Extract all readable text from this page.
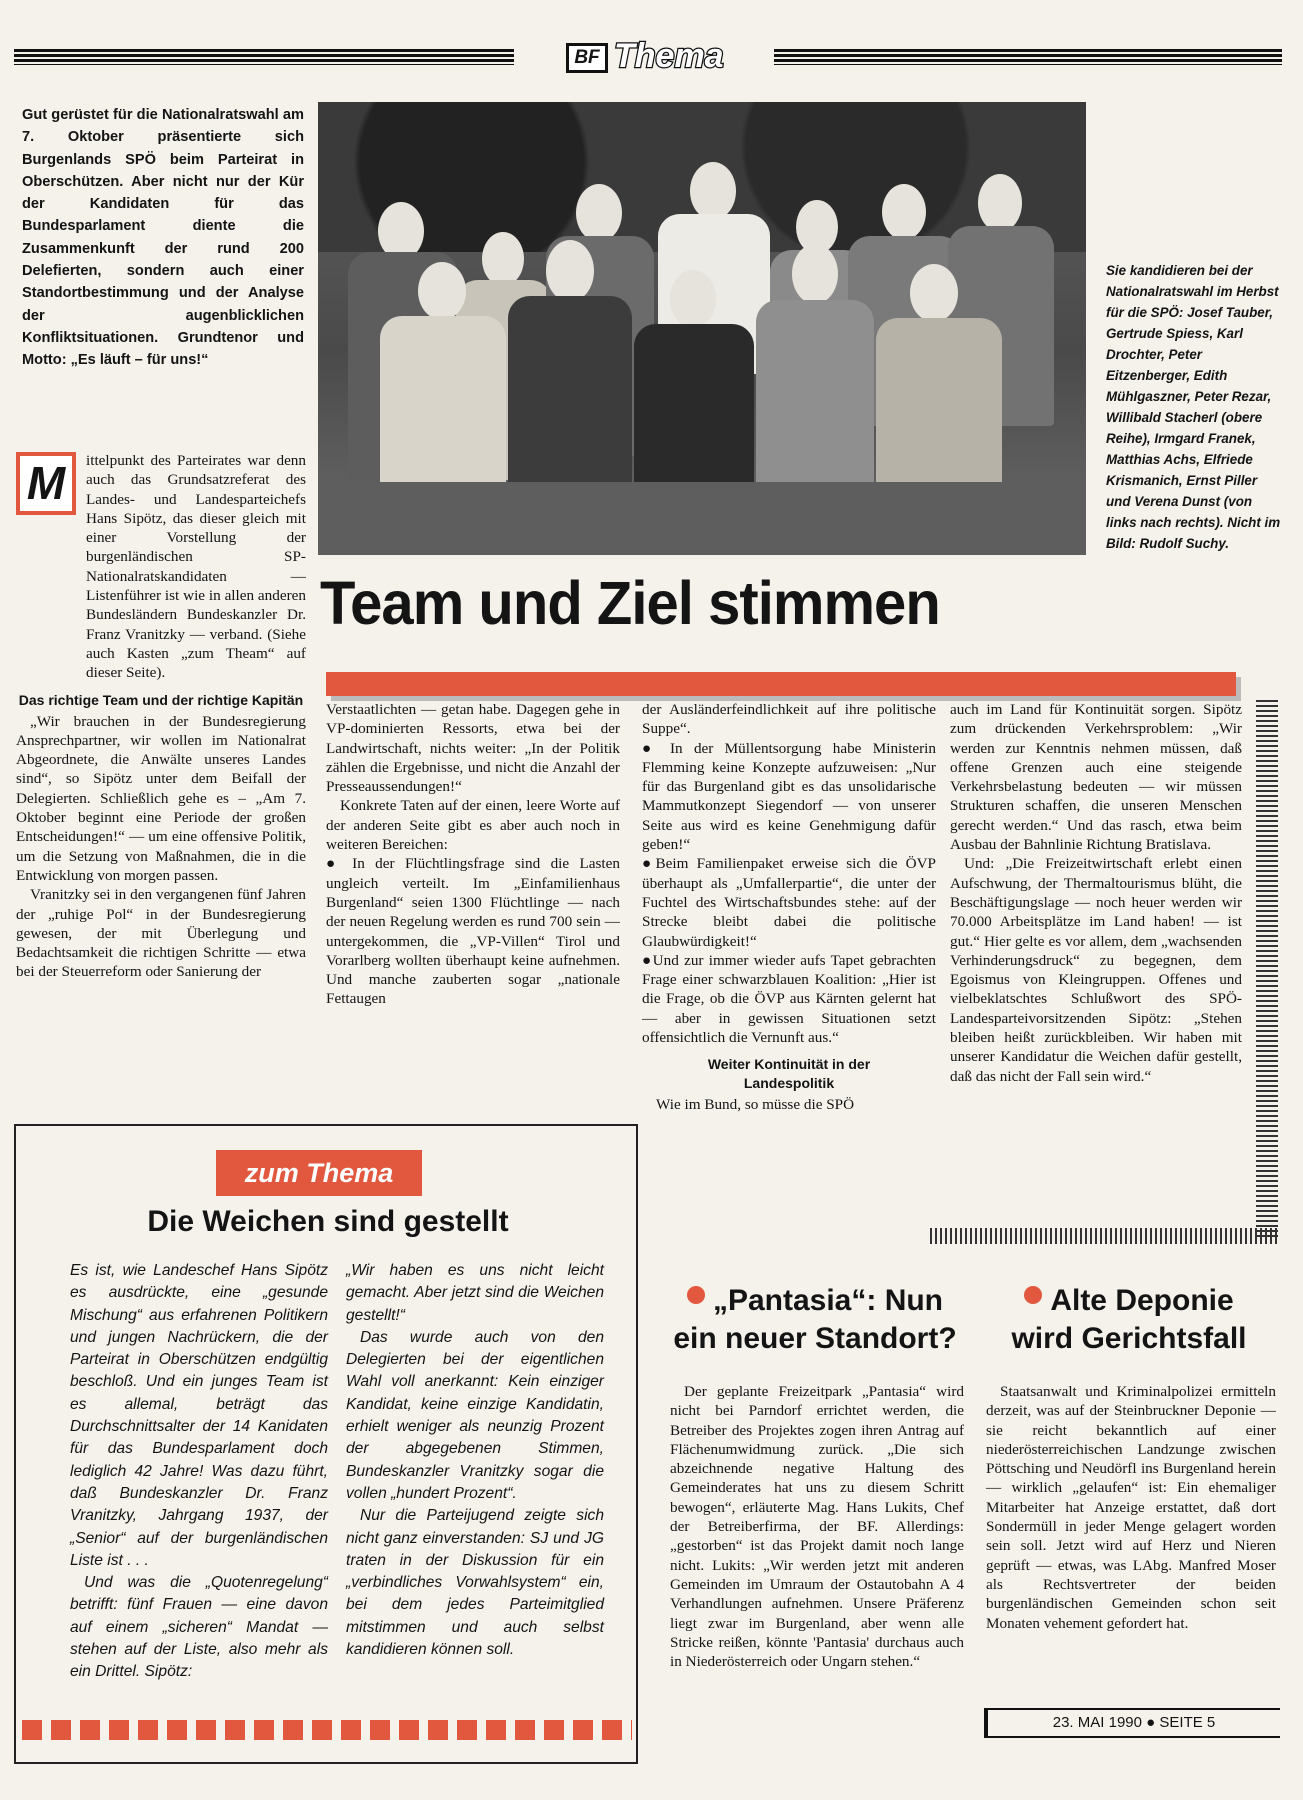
BF Thema
Gut gerüstet für die Nationalratswahl am 7. Oktober präsentierte sich Burgenlands SPÖ beim Parteirat in Oberschützen. Aber nicht nur der Kür der Kandidaten für das Bundesparlament diente die Zusammenkunft der rund 200 Delefierten, sondern auch einer Standortbestimmung und der Analyse der augenblicklichen Konfliktsituationen. Grundtenor und Motto: „Es läuft – für uns!“
Sie kandidieren bei der Nationalratswahl im Herbst für die SPÖ: Josef Tauber, Gertrude Spiess, Karl Drochter, Peter Eitzenberger, Edith Mühlgaszner, Peter Rezar, Willibald Stacherl (obere Reihe), Irmgard Franek, Matthias Achs, Elfriede Krismanich, Ernst Piller und Verena Dunst (von links nach rechts). Nicht im Bild: Rudolf Suchy.
Team und Ziel stimmen
M	ittelpunkt des Parteirates war denn auch das Grundsatzreferat des Landes- und Landesparteichefs Hans Sipötz, das dieser gleich mit einer Vorstellung der burgenländischen SP-Nationalratskandidaten — Listenführer ist wie in allen anderen Bundesländern Bundeskanzler Dr. Franz Vranitzky — verband. (Siehe auch Kasten „zum Theam“ auf dieser Seite).

Das richtige Team und der richtige Kapitän

„Wir brauchen in der Bundesregierung Ansprechpartner, wir wollen im Nationalrat Abgeordnete, die Anwälte unseres Landes sind“, so Sipötz unter dem Beifall der Delegierten. Schließlich gehe es – „Am 7. Oktober beginnt eine Periode der großen Entscheidungen!“ — um eine offensive Politik, um die Setzung von Maßnahmen, die in die Entwicklung von morgen passen.

Vranitzky sei in den vergangenen fünf Jahren der „ruhige Pol“ in der Bundesregierung gewesen, der mit Überlegung und Bedachtsamkeit die richtigen Schritte — etwa bei der Steuerreform oder Sanierung der

Verstaatlichten — getan habe. Dagegen gehe in VP-dominierten Ressorts, etwa bei der Landwirtschaft, nichts weiter: „In der Politik zählen die Ergebnisse, und nicht die Anzahl der Presseaussendungen!“

Konkrete Taten auf der einen, leere Worte auf der anderen Seite gibt es aber auch noch in weiteren Bereichen:

● In der Flüchtlingsfrage sind die Lasten ungleich verteilt. Im „Einfamilienhaus Burgenland“ seien 1300 Flüchtlinge — nach der neuen Regelung werden es rund 700 sein — untergekommen, die „VP-Villen“ Tirol und Vorarlberg wollten überhaupt keine aufnehmen. Und manche zauberten sogar „nationale Fettaugen

der Ausländerfeindlichkeit auf ihre politische Suppe“.

● In der Müllentsorgung habe Ministerin Flemming keine Konzepte aufzuweisen: „Nur für das Burgenland gibt es das unsolidarische Mammutkonzept Siegendorf — von unserer Seite aus wird es keine Genehmigung dafür geben!“

●Beim Familienpaket erweise sich die ÖVP überhaupt als „Umfallerpartie“, die unter der Fuchtel des Wirtschaftsbundes stehe: auf der Strecke bleibt dabei die politische Glaubwürdigkeit!“

●Und zur immer wieder aufs Tapet gebrachten Frage einer schwarzblauen Koalition: „Hier ist die Frage, ob die ÖVP aus Kärnten gelernt hat — aber in gewissen Situationen setzt offensichtlich die Vernunft aus.“

Weiter Kontinuität in der Landespolitik

Wie im Bund, so müsse die SPÖ

auch im Land für Kontinuität sorgen. Sipötz zum drückenden Verkehrsproblem: „Wir werden zur Kenntnis nehmen müssen, daß offene Grenzen auch eine steigende Verkehrsbelastung bedeuten — wir müssen Strukturen schaffen, die unseren Menschen gerecht werden.“ Und das rasch, etwa beim Ausbau der Bahnlinie Richtung Bratislava.

Und: „Die Freizeitwirtschaft erlebt einen Aufschwung, der Thermaltourismus blüht, die Beschäftigungslage — noch heuer werden wir 70.000 Arbeitsplätze im Land haben! — ist gut.“ Hier gelte es vor allem, dem „wachsenden Verhinderungsdruck“ zu begegnen, dem Egoismus von Kleingruppen. Offenes und vielbeklatschtes Schlußwort des SPÖ-Landesparteivorsitzenden Sipötz: „Stehen bleiben heißt zurückbleiben. Wir haben mit unserer Kandidatur die Weichen dafür gestellt, daß das nicht der Fall sein wird.“

zum Thema
Die Weichen sind gestellt

Es ist, wie Landeschef Hans Sipötz es ausdrückte, eine „gesunde Mischung“ aus erfahrenen Politikern und jungen Nachrückern, die der Parteirat in Oberschützen endgültig beschloß. Und ein junges Team ist es allemal, beträgt das Durchschnittsalter der 14 Kanidaten für das Bundesparlament doch lediglich 42 Jahre! Was dazu führt, daß Bundeskanzler Dr. Franz Vranitzky, Jahrgang 1937, der „Senior“ auf der burgenländischen Liste ist . . .

Und was die „Quotenregelung“ betrifft: fünf Frauen — eine davon auf einem „sicheren“ Mandat — stehen auf der Liste, also mehr als ein Drittel. Sipötz:

„Wir haben es uns nicht leicht gemacht. Aber jetzt sind die Weichen gestellt!“

Das wurde auch von den Delegierten bei der eigentlichen Wahl voll anerkannt: Kein einziger Kandidat, keine einzige Kandidatin, erhielt weniger als neunzig Prozent der abgegebenen Stimmen, Bundeskanzler Vranitzky sogar die vollen „hundert Prozent“.

Nur die Parteijugend zeigte sich nicht ganz einverstanden: SJ und JG traten in der Diskussion für ein „verbindliches Vorwahlsystem“ ein, bei dem jedes Parteimitglied mitstimmen und auch selbst kandidieren können soll.

„Pantasia“: Nun
ein neuer Standort?

Der geplante Freizeitpark „Pantasia“ wird nicht bei Parndorf errichtet werden, die Betreiber des Projektes zogen ihren Antrag auf Flächenumwidmung zurück. „Die sich abzeichnende negative Haltung des Gemeinderates hat uns zu diesem Schritt bewogen“, erläuterte Mag. Hans Lukits, Chef der Betreiberfirma, der BF. Allerdings: „gestorben“ ist das Projekt damit noch lange nicht. Lukits: „Wir werden jetzt mit anderen Gemeinden im Umraum der Ostautobahn A 4 Verhandlungen aufnehmen. Unsere Präferenz liegt zwar im Burgenland, aber wenn alle Stricke reißen, könnte 'Pantasia' durchaus auch in Niederösterreich oder Ungarn stehen.“

Alte Deponie
wird Gerichtsfall

Staatsanwalt und Kriminalpolizei ermitteln derzeit, was auf der Steinbruckner Deponie — sie reicht bekanntlich auf einer niederösterreichischen Landzunge zwischen Pöttsching und Neudörfl ins Burgenland herein — wirklich „gelaufen“ ist: Ein ehemaliger Mitarbeiter hat Anzeige erstattet, daß dort Sondermüll in jeder Menge gelagert worden sein soll. Jetzt wird auf Herz und Nieren geprüft — etwas, was LAbg. Manfred Moser als Rechtsvertreter der beiden burgenländischen Gemeinden schon seit Monaten vehement gefordert hat.

23. MAI 1990 ● SEITE 5
